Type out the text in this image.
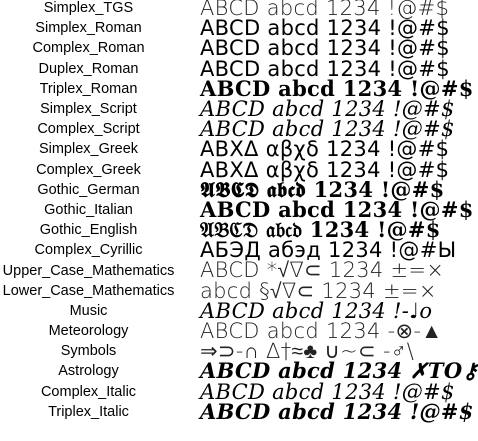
Simplex_TGS	ABCD abcd 1234 !@#$
Simplex_Roman	ABCD abcd 1234 !@#$
Complex_Roman	ABCD abcd 1234 !@#$
Duplex_Roman	ABCD abcd 1234 !@#$
Triplex_Roman	ABCD abcd 1234 !@#$
Simplex_Script	ABCD abcd 1234 !@#$
Complex_Script	ABCD abcd 1234 !@#$
Simplex_Greek	ΑΒΧΔ αβχδ 1234 !@#$
Complex_Greek	ΑΒΧΔ αβχδ 1234 !@#$
Gothic_German	𝕬𝕭𝕮𝕯 𝖆𝖇𝖈𝖉 1234 !@#$
Gothic_Italian	ABCD abcd 1234 !@#$
Gothic_English	𝔄𝔅ℭ𝔇 𝔞𝔟𝔠𝔡 1234 !@#$
Complex_Cyrillic	АБЭД абэд 1234 !@#Ы
Upper_Case_Mathematics ABCD *√∇⊂ 1234 ±=×
Lower_Case_Mathematics abcd §√∇⊂ 1234 ±=×
Music	ABCD abcd 1234 !-♩o
Meteorology	ABCD abcd 1234 -⊗-▲
Symbols	⇒⊃-∩ ∆†≈♣ ∪~⊂ -♂\
Astrology	ABCD abcd 1234 ✗TO⚷
Complex_Italic	ABCD abcd 1234 !@#$
Triplex_Italic	ABCD abcd 1234 !@#$
